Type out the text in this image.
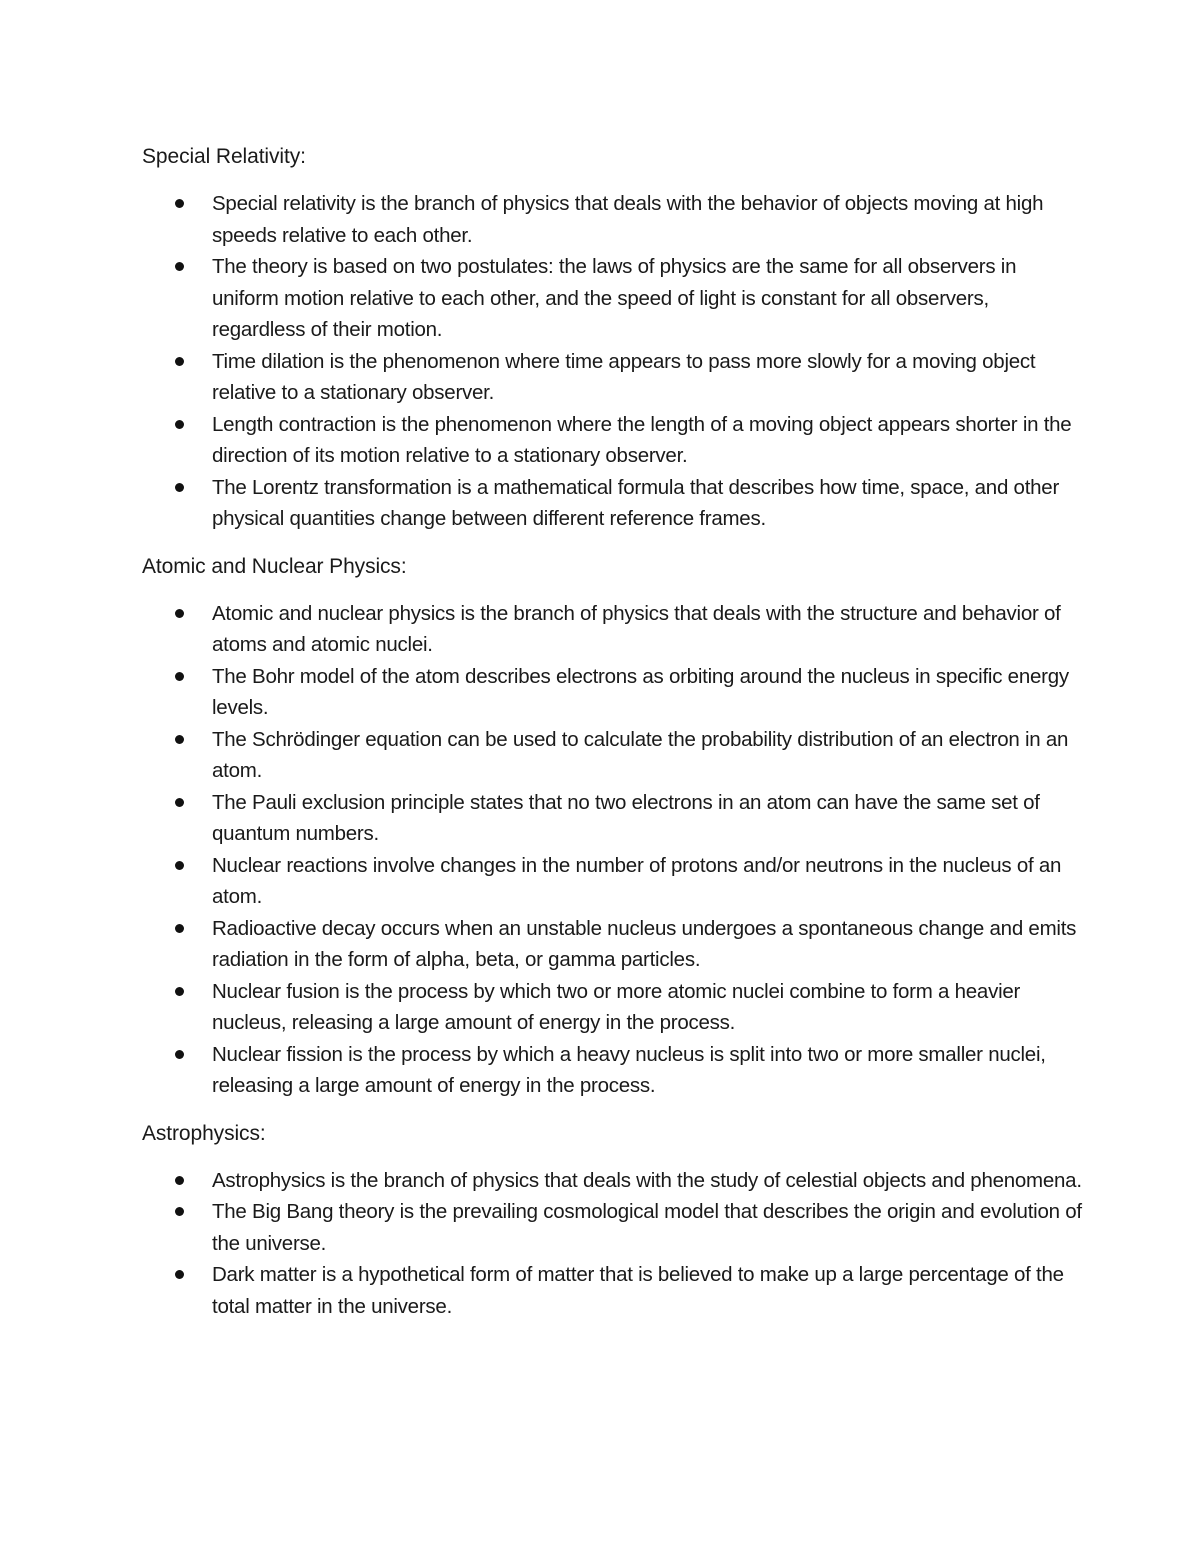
Special Relativity:
Special relativity is the branch of physics that deals with the behavior of objects moving at high speeds relative to each other.
The theory is based on two postulates: the laws of physics are the same for all observers in uniform motion relative to each other, and the speed of light is constant for all observers, regardless of their motion.
Time dilation is the phenomenon where time appears to pass more slowly for a moving object relative to a stationary observer.
Length contraction is the phenomenon where the length of a moving object appears shorter in the direction of its motion relative to a stationary observer.
The Lorentz transformation is a mathematical formula that describes how time, space, and other physical quantities change between different reference frames.
Atomic and Nuclear Physics:
Atomic and nuclear physics is the branch of physics that deals with the structure and behavior of atoms and atomic nuclei.
The Bohr model of the atom describes electrons as orbiting around the nucleus in specific energy levels.
The Schrödinger equation can be used to calculate the probability distribution of an electron in an atom.
The Pauli exclusion principle states that no two electrons in an atom can have the same set of quantum numbers.
Nuclear reactions involve changes in the number of protons and/or neutrons in the nucleus of an atom.
Radioactive decay occurs when an unstable nucleus undergoes a spontaneous change and emits radiation in the form of alpha, beta, or gamma particles.
Nuclear fusion is the process by which two or more atomic nuclei combine to form a heavier nucleus, releasing a large amount of energy in the process.
Nuclear fission is the process by which a heavy nucleus is split into two or more smaller nuclei, releasing a large amount of energy in the process.
Astrophysics:
Astrophysics is the branch of physics that deals with the study of celestial objects and phenomena.
The Big Bang theory is the prevailing cosmological model that describes the origin and evolution of the universe.
Dark matter is a hypothetical form of matter that is believed to make up a large percentage of the total matter in the universe.
